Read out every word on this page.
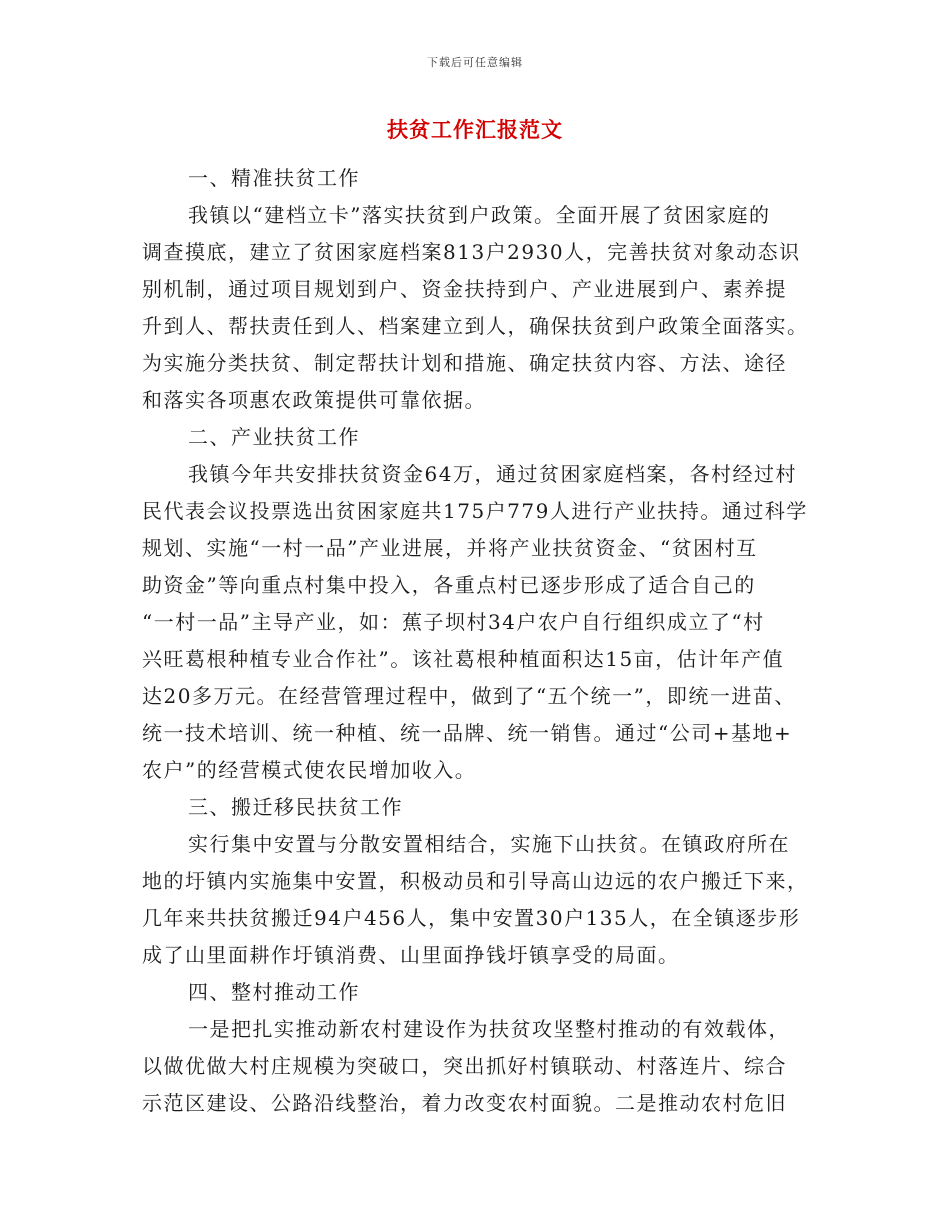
下载后可任意编辑
扶贫工作汇报范文
一、精准扶贫工作
我镇以“建档立卡”落实扶贫到户政策。全面开展了贫困家庭的
调查摸底，建立了贫困家庭档案813户2930人，完善扶贫对象动态识
别机制，通过项目规划到户、资金扶持到户、产业进展到户、素养提
升到人、帮扶责任到人、档案建立到人，确保扶贫到户政策全面落实。
为实施分类扶贫、制定帮扶计划和措施、确定扶贫内容、方法、途径
和落实各项惠农政策提供可靠依据。
二、产业扶贫工作
我镇今年共安排扶贫资金64万，通过贫困家庭档案，各村经过村
民代表会议投票选出贫困家庭共175户779人进行产业扶持。通过科学
规划、实施“一村一品”产业进展，并将产业扶贫资金、“贫困村互
助资金”等向重点村集中投入，各重点村已逐步形成了适合自己的
“一村一品”主导产业，如：蕉子坝村34户农户自行组织成立了“村
兴旺葛根种植专业合作社”。该社葛根种植面积达15亩，估计年产值
达20多万元。在经营管理过程中，做到了“五个统一”，即统一进苗、
统一技术培训、统一种植、统一品牌、统一销售。通过“公司+基地+
农户”的经营模式使农民增加收入。
三、搬迁移民扶贫工作
实行集中安置与分散安置相结合，实施下山扶贫。在镇政府所在
地的圩镇内实施集中安置，积极动员和引导高山边远的农户搬迁下来，
几年来共扶贫搬迁94户456人，集中安置30户135人，在全镇逐步形
成了山里面耕作圩镇消费、山里面挣钱圩镇享受的局面。
四、整村推动工作
一是把扎实推动新农村建设作为扶贫攻坚整村推动的有效载体，
以做优做大村庄规模为突破口，突出抓好村镇联动、村落连片、综合
示范区建设、公路沿线整治，着力改变农村面貌。二是推动农村危旧
